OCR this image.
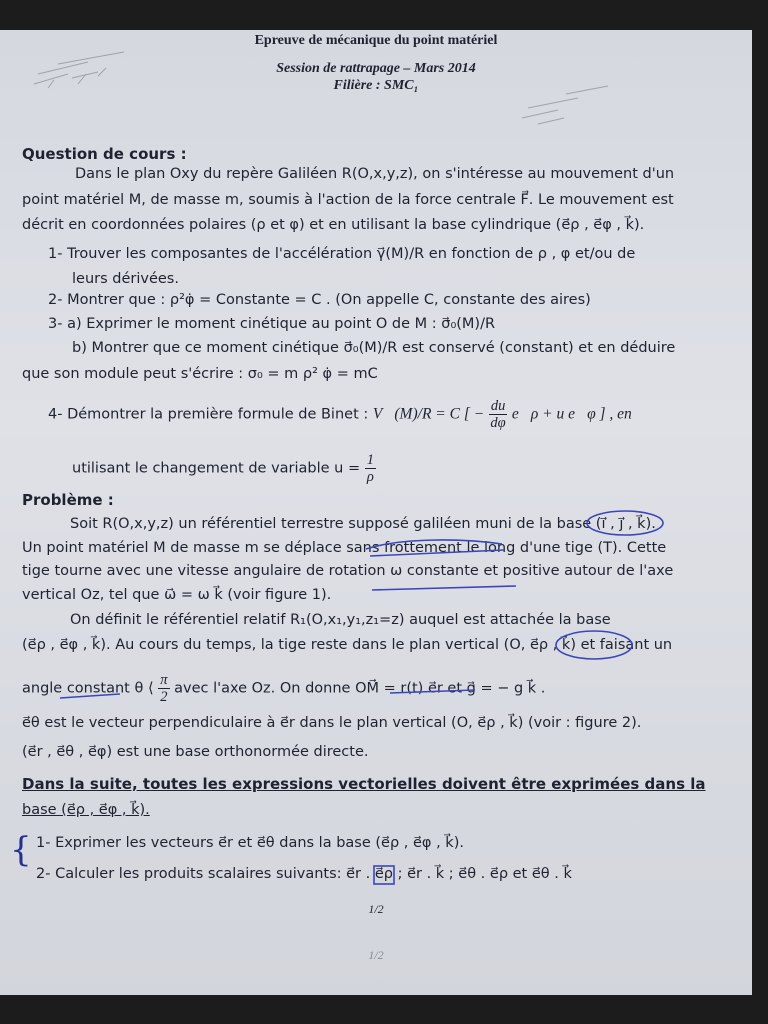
Epreuve de mécanique du point matériel
Session de rattrapage – Mars 2014
Filière : SMC₁
Question de cours :
Dans le plan Oxy du repère Galiléen R(O,x,y,z), on s'intéresse au mouvement d'un
point matériel M, de masse m, soumis à l'action de la force centrale F⃗. Le mouvement est
décrit en coordonnées polaires (ρ et φ) et en utilisant la base cylindrique (e⃗ρ , e⃗φ , k⃗).
1- Trouver les composantes de l'accélération γ⃗(M)/R en fonction de ρ , φ et/ou de
leurs dérivées.
2- Montrer que : ρ²φ̇ = Constante = C . (On appelle C, constante des aires)
3- a) Exprimer le moment cinétique au point O de M : σ⃗₀(M)/R
b) Montrer que ce moment cinétique σ⃗₀(M)/R est conservé (constant) et en déduire
que son module peut s'écrire : σ₀ = m ρ² φ̇ = mC
4- Démontrer la première formule de Binet : V⃗(M)/R = C [ − $\frac{du}{d\varphi}$ e⃗ρ + u e⃗φ ] , en
utilisant le changement de variable $u = \frac{1}{\rho}$
Problème :
Soit R(O,x,y,z) un référentiel terrestre supposé galiléen muni de la base (i⃗ , j⃗ , k⃗).
Un point matériel M de masse m se déplace sans frottement le long d'une tige (T). Cette
tige tourne avec une vitesse angulaire de rotation ω constante et positive autour de l'axe
vertical Oz, tel que ω⃗ = ω k⃗ (voir figure 1).
On définit le référentiel relatif R₁(O,x₁,y₁,z₁=z) auquel est attachée la base
(e⃗ρ , e⃗φ , k⃗). Au cours du temps, la tige reste dans le plan vertical (O, e⃗ρ , k⃗) et faisant un
angle constant θ ⟨ $\frac{\pi}{2}$ avec l'axe Oz. On donne OM⃗ = r(t) e⃗r et g⃗ = − g k⃗ .
e⃗θ est le vecteur perpendiculaire à e⃗r dans le plan vertical (O, e⃗ρ , k⃗) (voir : figure 2).
(e⃗r , e⃗θ , e⃗φ) est une base orthonormée directe.
Dans la suite, toutes les expressions vectorielles doivent être exprimées dans la
base (e⃗ρ , e⃗φ , k⃗).
{ 1- Exprimer les vecteurs e⃗r et e⃗θ dans la base (e⃗ρ , e⃗φ , k⃗).
2- Calculer les produits scalaires suivants: e⃗r . e⃗ρ ; e⃗r . k⃗ ; e⃗θ . e⃗ρ et e⃗θ . k⃗
1/2
1/2
